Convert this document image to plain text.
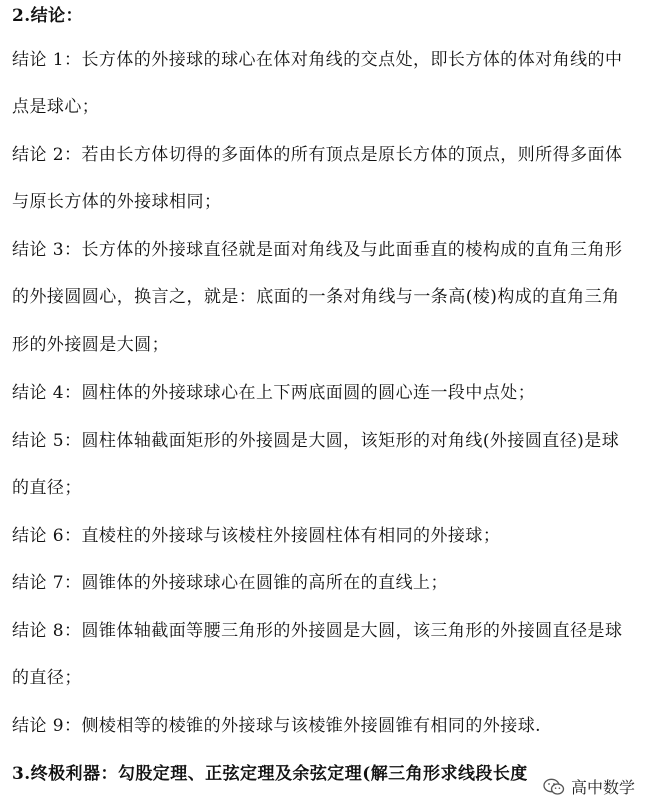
2.结论：

结论 1：长方体的外接球的球心在体对角线的交点处，即长方体的体对角线的中

点是球心；

结论 2：若由长方体切得的多面体的所有顶点是原长方体的顶点，则所得多面体

与原长方体的外接球相同；

结论 3：长方体的外接球直径就是面对角线及与此面垂直的棱构成的直角三角形

的外接圆圆心，换言之，就是：底面的一条对角线与一条高(棱)构成的直角三角

形的外接圆是大圆；

结论 4：圆柱体的外接球球心在上下两底面圆的圆心连一段中点处；

结论 5：圆柱体轴截面矩形的外接圆是大圆，该矩形的对角线(外接圆直径)是球

的直径；

结论 6：直棱柱的外接球与该棱柱外接圆柱体有相同的外接球；

结论 7：圆锥体的外接球球心在圆锥的高所在的直线上；

结论 8：圆锥体轴截面等腰三角形的外接圆是大圆，该三角形的外接圆直径是球

的直径；

结论 9：侧棱相等的棱锥的外接球与该棱锥外接圆锥有相同的外接球.

3.终极利器：勾股定理、正弦定理及余弦定理(解三角形求线段长度

高中数学
